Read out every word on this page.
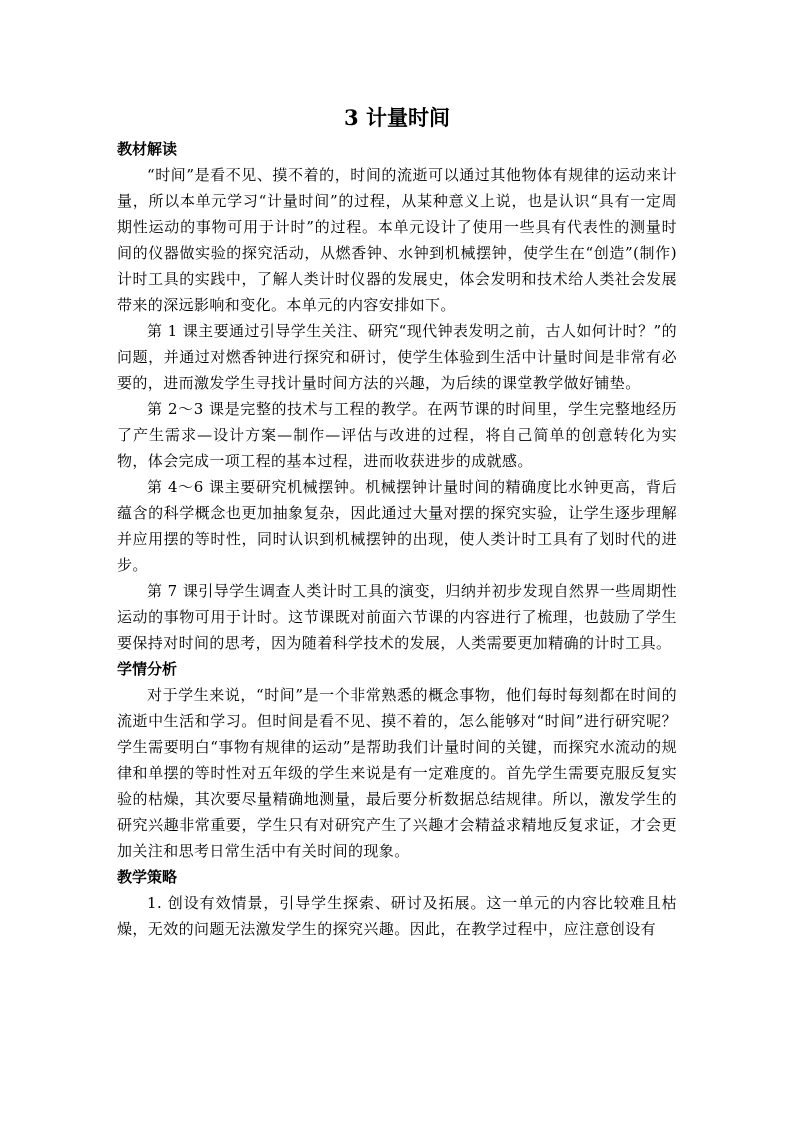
3 计量时间
教材解读

“时间”是看不见、摸不着的，时间的流逝可以通过其他物体有规律的运动来计量，所以本单元学习“计量时间”的过程，从某种意义上说，也是认识“具有一定周期性运动的事物可用于计时”的过程。本单元设计了使用一些具有代表性的测量时间的仪器做实验的探究活动，从燃香钟、水钟到机械摆钟，使学生在“创造”(制作)计时工具的实践中，了解人类计时仪器的发展史，体会发明和技术给人类社会发展带来的深远影响和变化。本单元的内容安排如下。

第 1 课主要通过引导学生关注、研究“现代钟表发明之前，古人如何计时？”的问题，并通过对燃香钟进行探究和研讨，使学生体验到生活中计量时间是非常有必要的，进而激发学生寻找计量时间方法的兴趣，为后续的课堂教学做好铺垫。

第 2～3 课是完整的技术与工程的教学。在两节课的时间里，学生完整地经历了产生需求—设计方案—制作—评估与改进的过程，将自己简单的创意转化为实物，体会完成一项工程的基本过程，进而收获进步的成就感。

第 4～6 课主要研究机械摆钟。机械摆钟计量时间的精确度比水钟更高，背后蕴含的科学概念也更加抽象复杂，因此通过大量对摆的探究实验，让学生逐步理解并应用摆的等时性，同时认识到机械摆钟的出现，使人类计时工具有了划时代的进步。

第 7 课引导学生调查人类计时工具的演变，归纳并初步发现自然界一些周期性运动的事物可用于计时。这节课既对前面六节课的内容进行了梳理，也鼓励了学生要保持对时间的思考，因为随着科学技术的发展，人类需要更加精确的计时工具。

学情分析

对于学生来说，“时间”是一个非常熟悉的概念事物，他们每时每刻都在时间的流逝中生活和学习。但时间是看不见、摸不着的，怎么能够对“时间”进行研究呢？学生需要明白“事物有规律的运动”是帮助我们计量时间的关键，而探究水流动的规律和单摆的等时性对五年级的学生来说是有一定难度的。首先学生需要克服反复实验的枯燥，其次要尽量精确地测量，最后要分析数据总结规律。所以，激发学生的研究兴趣非常重要，学生只有对研究产生了兴趣才会精益求精地反复求证，才会更加关注和思考日常生活中有关时间的现象。

教学策略

1. 创设有效情景，引导学生探索、研讨及拓展。这一单元的内容比较难且枯燥，无效的问题无法激发学生的探究兴趣。因此，在教学过程中，应注意创设有
